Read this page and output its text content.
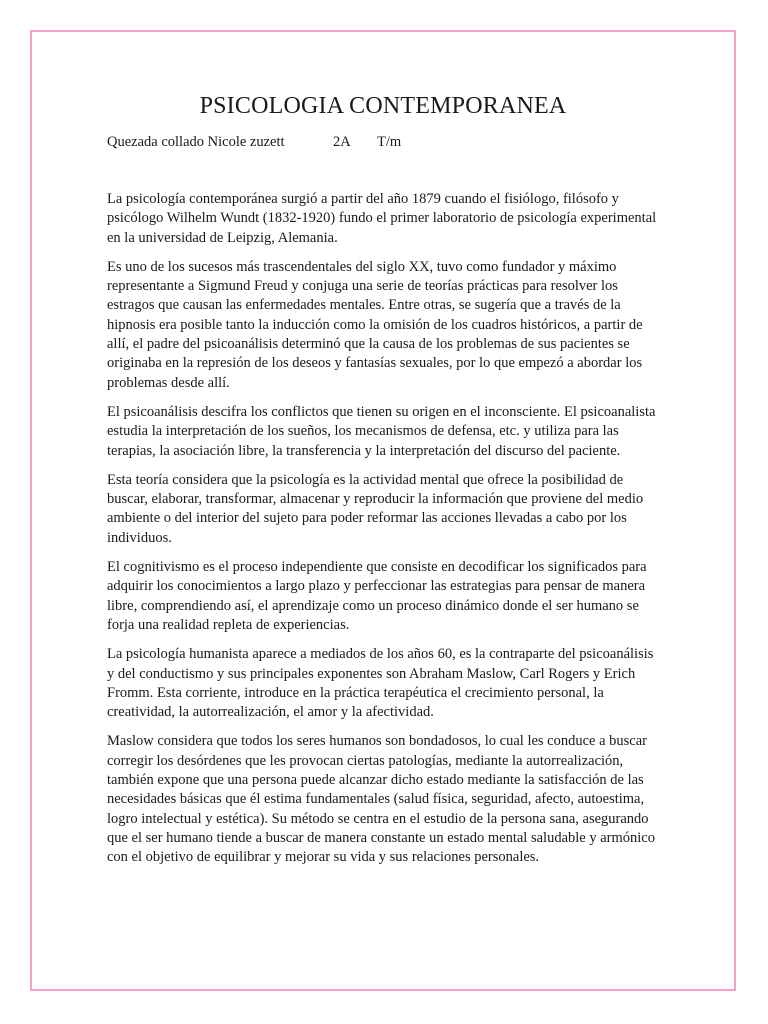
PSICOLOGIA CONTEMPORANEA
Quezada collado Nicole zuzett	2A T/m

La psicología contemporánea surgió a partir del año 1879 cuando el fisiólogo, filósofo y psicólogo Wilhelm Wundt (1832-1920) fundo el primer laboratorio de psicología experimental en la universidad de Leipzig, Alemania.

Es uno de los sucesos más trascendentales del siglo XX, tuvo como fundador y máximo representante a Sigmund Freud y conjuga una serie de teorías prácticas para resolver los estragos que causan las enfermedades mentales. Entre otras, se sugería que a través de la hipnosis era posible tanto la inducción como la omisión de los cuadros históricos, a partir de allí, el padre del psicoanálisis determinó que la causa de los problemas de sus pacientes se originaba en la represión de los deseos y fantasías sexuales, por lo que empezó a abordar los problemas desde allí.

El psicoanálisis descifra los conflictos que tienen su origen en el inconsciente. El psicoanalista estudia la interpretación de los sueños, los mecanismos de defensa, etc. y utiliza para las terapias, la asociación libre, la transferencia y la interpretación del discurso del paciente.

Esta teoría considera que la psicología es la actividad mental que ofrece la posibilidad de buscar, elaborar, transformar, almacenar y reproducir la información que proviene del medio ambiente o del interior del sujeto para poder reformar las acciones llevadas a cabo por los individuos.

El cognitivismo es el proceso independiente que consiste en decodificar los significados para adquirir los conocimientos a largo plazo y perfeccionar las estrategias para pensar de manera libre, comprendiendo así, el aprendizaje como un proceso dinámico donde el ser humano se forja una realidad repleta de experiencias.

La psicología humanista aparece a mediados de los años 60, es la contraparte del psicoanálisis y del conductismo y sus principales exponentes son Abraham Maslow, Carl Rogers y Erich Fromm. Esta corriente, introduce en la práctica terapéutica el crecimiento personal, la creatividad, la autorrealización, el amor y la afectividad.

Maslow considera que todos los seres humanos son bondadosos, lo cual les conduce a buscar corregir los desórdenes que les provocan ciertas patologías, mediante la autorrealización, también expone que una persona puede alcanzar dicho estado mediante la satisfacción de las necesidades básicas que él estima fundamentales (salud física, seguridad, afecto, autoestima, logro intelectual y estética). Su método se centra en el estudio de la persona sana, asegurando que el ser humano tiende a buscar de manera constante un estado mental saludable y armónico con el objetivo de equilibrar y mejorar su vida y sus relaciones personales.
